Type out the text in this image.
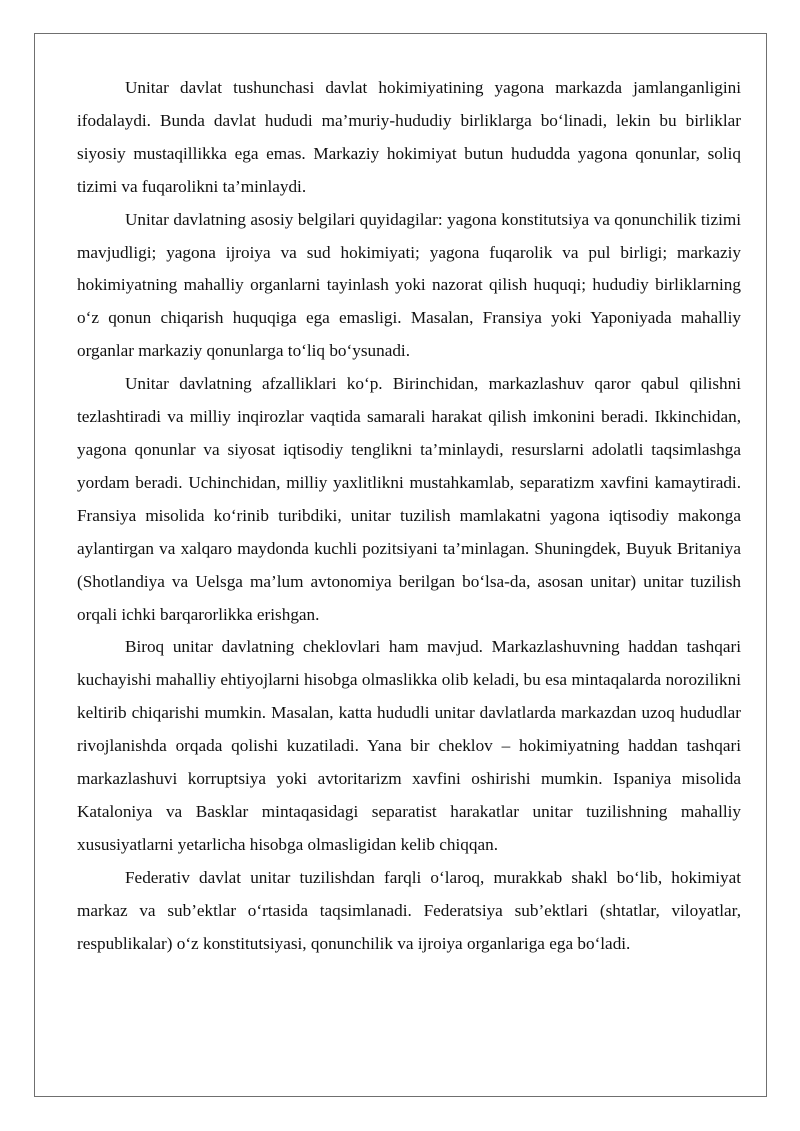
Unitar davlat tushunchasi davlat hokimiyatining yagona markazda jamlanganligini ifodalaydi. Bunda davlat hududi ma’muriy-hududiy birliklarga bo‘linadi, lekin bu birliklar siyosiy mustaqillikka ega emas. Markaziy hokimiyat butun hududda yagona qonunlar, soliq tizimi va fuqarolikni ta’minlaydi.

Unitar davlatning asosiy belgilari quyidagilar: yagona konstitutsiya va qonunchilik tizimi mavjudligi; yagona ijroiya va sud hokimiyati; yagona fuqarolik va pul birligi; markaziy hokimiyatning mahalliy organlarni tayinlash yoki nazorat qilish huquqi; hududiy birliklarning o‘z qonun chiqarish huquqiga ega emasligi. Masalan, Fransiya yoki Yaponiyada mahalliy organlar markaziy qonunlarga to‘liq bo‘ysunadi.

Unitar davlatning afzalliklari ko‘p. Birinchidan, markazlashuv qaror qabul qilishni tezlashtiradi va milliy inqirozlar vaqtida samarali harakat qilish imkonini beradi. Ikkinchidan, yagona qonunlar va siyosat iqtisodiy tenglikni ta’minlaydi, resurslarni adolatli taqsimlashga yordam beradi. Uchinchidan, milliy yaxlitlikni mustahkamlab, separatizm xavfini kamaytiradi. Fransiya misolida ko‘rinib turibdiki, unitar tuzilish mamlakatni yagona iqtisodiy makonga aylantirgan va xalqaro maydonda kuchli pozitsiyani ta’minlagan. Shuningdek, Buyuk Britaniya (Shotlandiya va Uelsga ma’lum avtonomiya berilgan bo‘lsa-da, asosan unitar) unitar tuzilish orqali ichki barqarorlikka erishgan.

Biroq unitar davlatning cheklovlari ham mavjud. Markazlashuvning haddan tashqari kuchayishi mahalliy ehtiyojlarni hisobga olmaslikka olib keladi, bu esa mintaqalarda norozilikni keltirib chiqarishi mumkin. Masalan, katta hududli unitar davlatlarda markazdan uzoq hududlar rivojlanishda orqada qolishi kuzatiladi. Yana bir cheklov – hokimiyatning haddan tashqari markazlashuvi korruptsiya yoki avtoritarizm xavfini oshirishi mumkin. Ispaniya misolida Kataloniya va Basklar mintaqasidagi separatist harakatlar unitar tuzilishning mahalliy xususiyatlarni yetarlicha hisobga olmasligidan kelib chiqqan.

Federativ davlat unitar tuzilishdan farqli o‘laroq, murakkab shakl bo‘lib, hokimiyat markaz va sub’ektlar o‘rtasida taqsimlanadi. Federatsiya sub’ektlari (shtatlar, viloyatlar, respublikalar) o‘z konstitutsiyasi, qonunchilik va ijroiya organlariga ega bo‘ladi.
